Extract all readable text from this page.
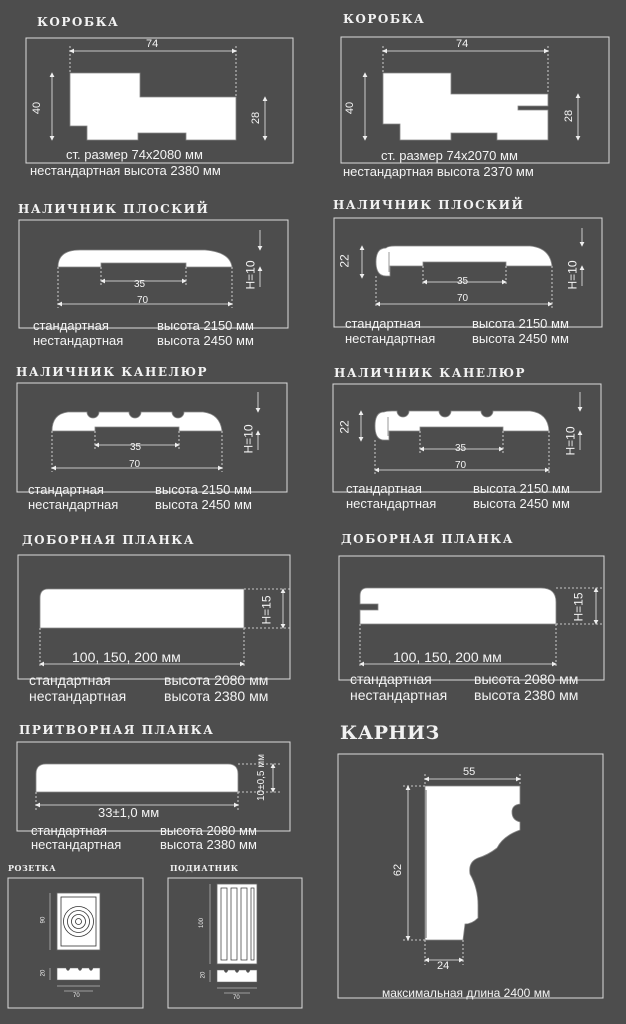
КОРОБКА
74
40
28
ст. размер 74х2080 мм
нестандартная высота 2380 мм
КОРОБКА
74
40
28
ст. размер 74х2070 мм
нестандартная высота 2370 мм
НАЛИЧНИК ПЛОСКИЙ
35
70
H=10
стандартная	высота 2150 мм
нестандартная	высота 2450 мм
НАЛИЧНИК ПЛОСКИЙ
22
35
70
H=10
стандартная	высота 2150 мм
нестандартная	высота 2450 мм
НАЛИЧНИК КАНЕЛЮР
35
70
H=10
стандартная	высота 2150 мм
нестандартная	высота 2450 мм
НАЛИЧНИК КАНЕЛЮР
22
35
70
H=10
стандартная	высота 2150 мм
нестандартная	высота 2450 мм
ДОБОРНАЯ ПЛАНКА
100, 150, 200 мм
H=15
стандартная	высота 2080 мм
нестандартная	высота 2380 мм
ДОБОРНАЯ ПЛАНКА
100, 150, 200 мм
H=15
стандартная	высота 2080 мм
нестандартная высота 2380 мм
ПРИТВОРНАЯ ПЛАНКА
33±1,0 мм
10±0,5 мм
стандартная	высота 2080 мм
нестандартная	высота 2380 мм
КАРНИЗ
55
62
24
максимальная длина 2400 мм
РОЗЕТКА
90
20
70
ПОДИАТНИК
100
20
70
